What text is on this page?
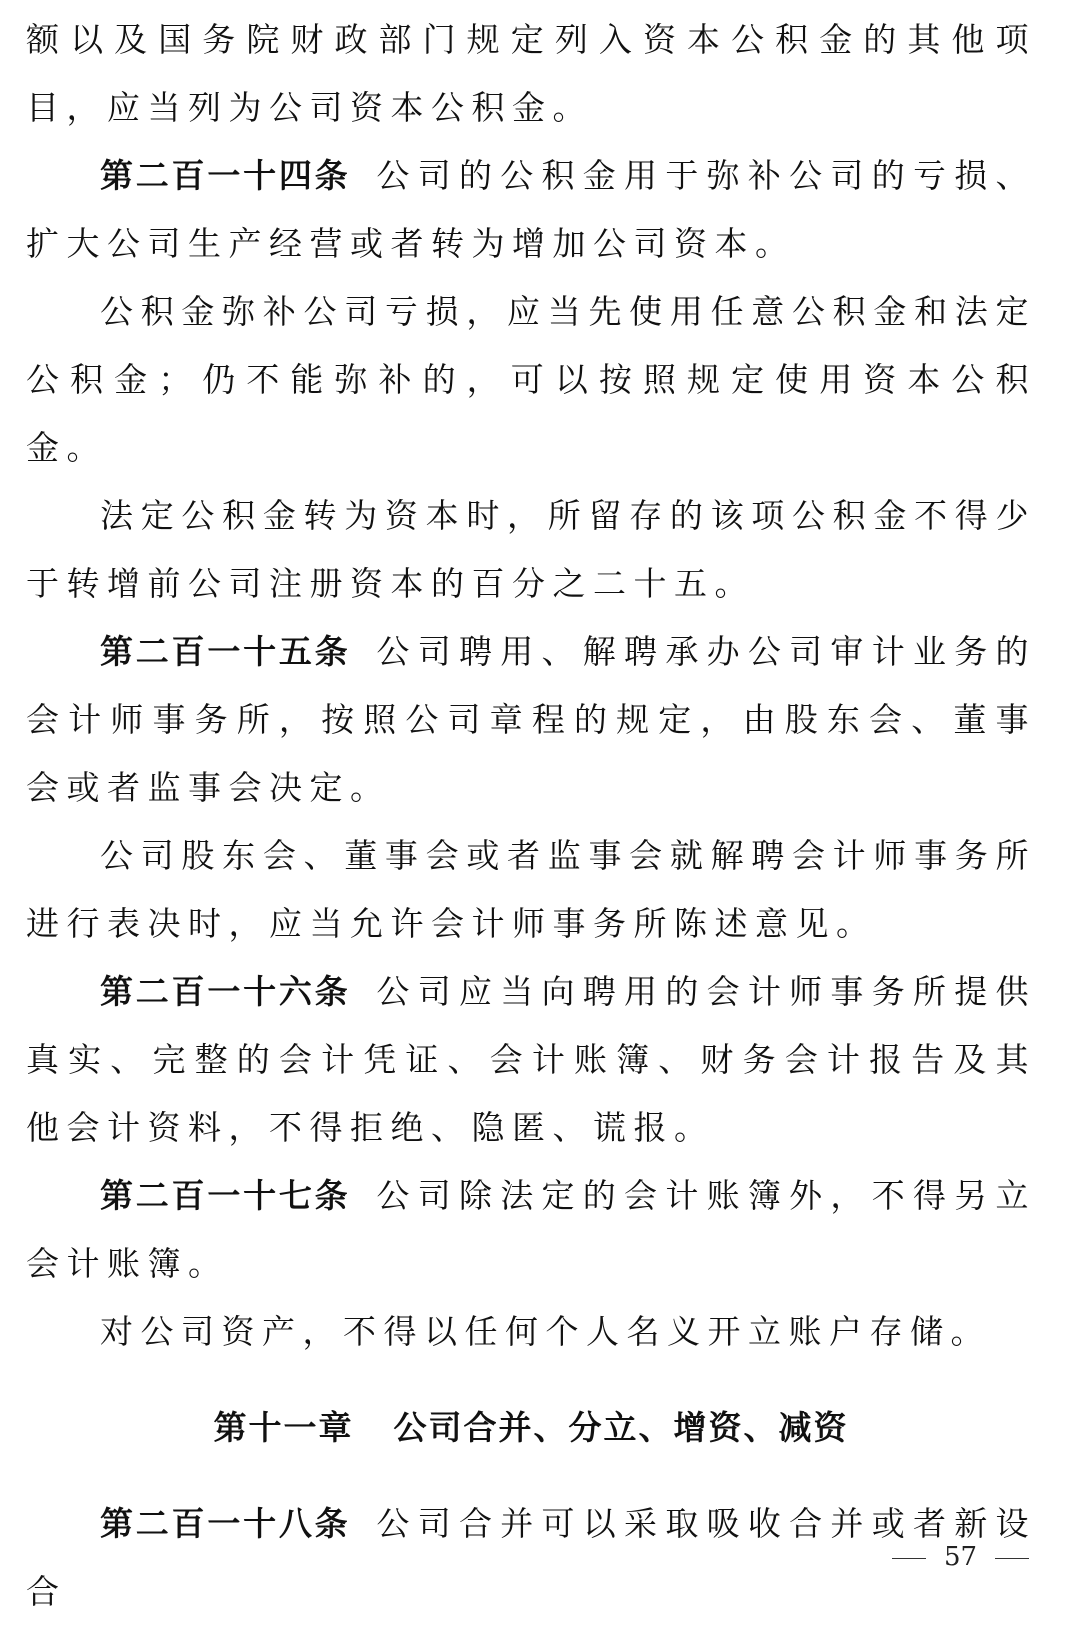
额以及国务院财政部门规定列入资本公积金的其他项目，应当列为公司资本公积金。

第二百一十四条 公司的公积金用于弥补公司的亏损、扩大公司生产经营或者转为增加公司资本。

公积金弥补公司亏损，应当先使用任意公积金和法定公积金；仍不能弥补的，可以按照规定使用资本公积金。

法定公积金转为资本时，所留存的该项公积金不得少于转增前公司注册资本的百分之二十五。

第二百一十五条 公司聘用、解聘承办公司审计业务的会计师事务所，按照公司章程的规定，由股东会、董事会或者监事会决定。

公司股东会、董事会或者监事会就解聘会计师事务所进行表决时，应当允许会计师事务所陈述意见。

第二百一十六条 公司应当向聘用的会计师事务所提供真实、完整的会计凭证、会计账簿、财务会计报告及其他会计资料，不得拒绝、隐匿、谎报。

第二百一十七条 公司除法定的会计账簿外，不得另立会计账簿。

对公司资产，不得以任何个人名义开立账户存储。

第十一章 公司合并、分立、增资、减资

第二百一十八条 公司合并可以采取吸收合并或者新设合

57
